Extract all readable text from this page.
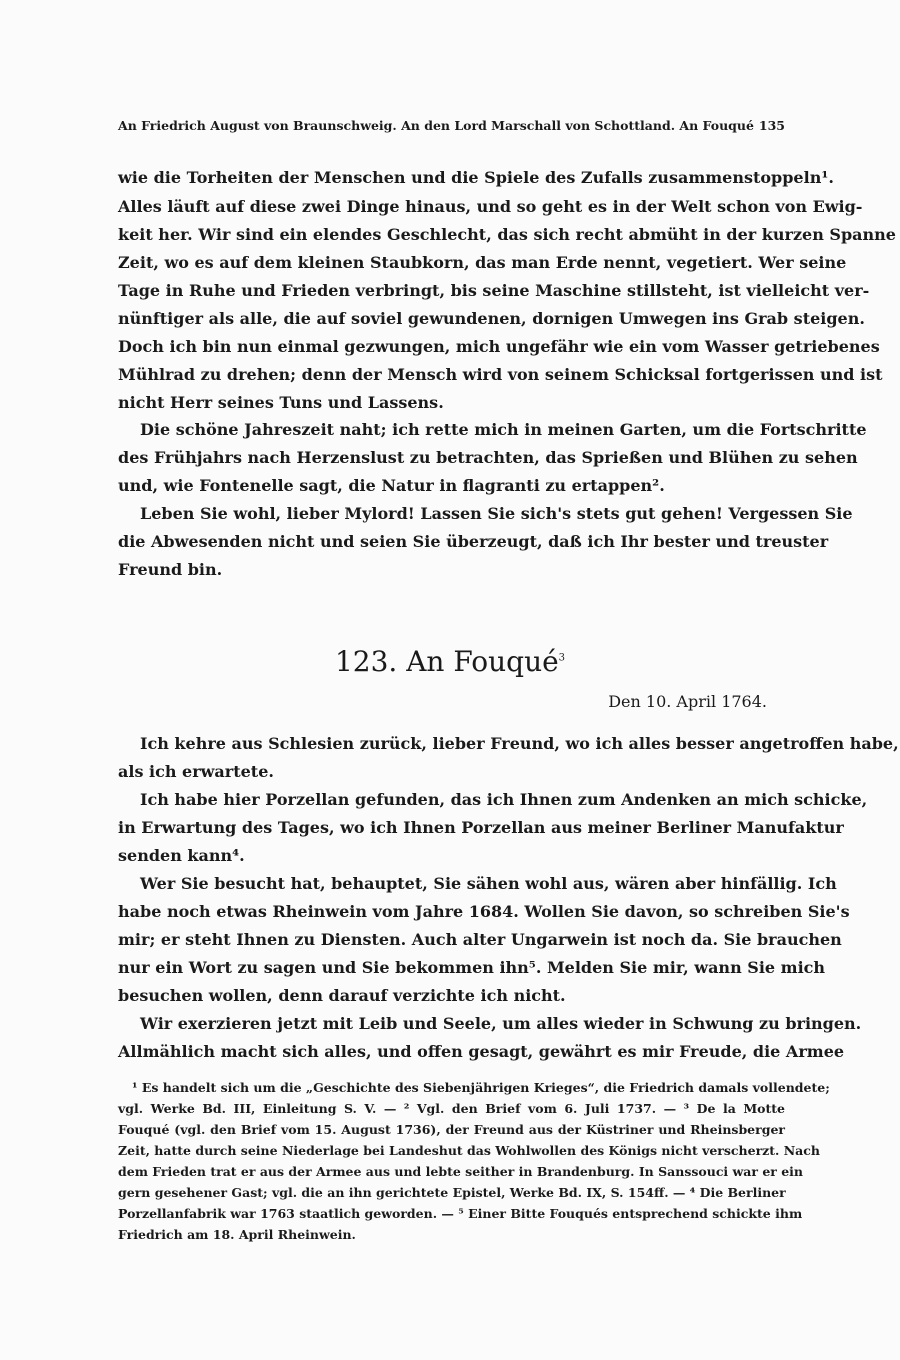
An Friedrich August von Braunschweig. An den Lord Marschall von Schottland. An Fouqué 135
wie die Torheiten der Menschen und die Spiele des Zufalls zusammenstoppeln¹.
Alles läuft auf diese zwei Dinge hinaus, und so geht es in der Welt schon von Ewig-
keit her. Wir sind ein elendes Geschlecht, das sich recht abmüht in der kurzen Spanne
Zeit, wo es auf dem kleinen Staubkorn, das man Erde nennt, vegetiert. Wer seine
Tage in Ruhe und Frieden verbringt, bis seine Maschine stillsteht, ist vielleicht ver-
nünftiger als alle, die auf soviel gewundenen, dornigen Umwegen ins Grab steigen.
Doch ich bin nun einmal gezwungen, mich ungefähr wie ein vom Wasser getriebenes
Mühlrad zu drehen; denn der Mensch wird von seinem Schicksal fortgerissen und ist
nicht Herr seines Tuns und Lassens.
Die schöne Jahreszeit naht; ich rette mich in meinen Garten, um die Fortschritte
des Frühjahrs nach Herzenslust zu betrachten, das Sprießen und Blühen zu sehen
und, wie Fontenelle sagt, die Natur in flagranti zu ertappen².
Leben Sie wohl, lieber Mylord! Lassen Sie sich's stets gut gehen! Vergessen Sie
die Abwesenden nicht und seien Sie überzeugt, daß ich Ihr bester und treuster
Freund bin.
123. An Fouqué$^3$
Den 10. April 1764.
Ich kehre aus Schlesien zurück, lieber Freund, wo ich alles besser angetroffen habe,
als ich erwartete.
Ich habe hier Porzellan gefunden, das ich Ihnen zum Andenken an mich schicke,
in Erwartung des Tages, wo ich Ihnen Porzellan aus meiner Berliner Manufaktur
senden kann⁴.
Wer Sie besucht hat, behauptet, Sie sähen wohl aus, wären aber hinfällig. Ich
habe noch etwas Rheinwein vom Jahre 1684. Wollen Sie davon, so schreiben Sie's
mir; er steht Ihnen zu Diensten. Auch alter Ungarwein ist noch da. Sie brauchen
nur ein Wort zu sagen und Sie bekommen ihn⁵. Melden Sie mir, wann Sie mich
besuchen wollen, denn darauf verzichte ich nicht.
Wir exerzieren jetzt mit Leib und Seele, um alles wieder in Schwung zu bringen.
Allmählich macht sich alles, und offen gesagt, gewährt es mir Freude, die Armee
¹ Es handelt sich um die „Geschichte des Siebenjährigen Krieges“, die Friedrich damals vollendete;
vgl. Werke Bd. III, Einleitung S. V. — ² Vgl. den Brief vom 6. Juli 1737. — ³ De la Motte
Fouqué (vgl. den Brief vom 15. August 1736), der Freund aus der Küstriner und Rheinsberger
Zeit, hatte durch seine Niederlage bei Landeshut das Wohlwollen des Königs nicht verscherzt. Nach
dem Frieden trat er aus der Armee aus und lebte seither in Brandenburg. In Sanssouci war er ein
gern gesehener Gast; vgl. die an ihn gerichtete Epistel, Werke Bd. IX, S. 154ff. — ⁴ Die Berliner
Porzellanfabrik war 1763 staatlich geworden. — ⁵ Einer Bitte Fouqués entsprechend schickte ihm
Friedrich am 18. April Rheinwein.
